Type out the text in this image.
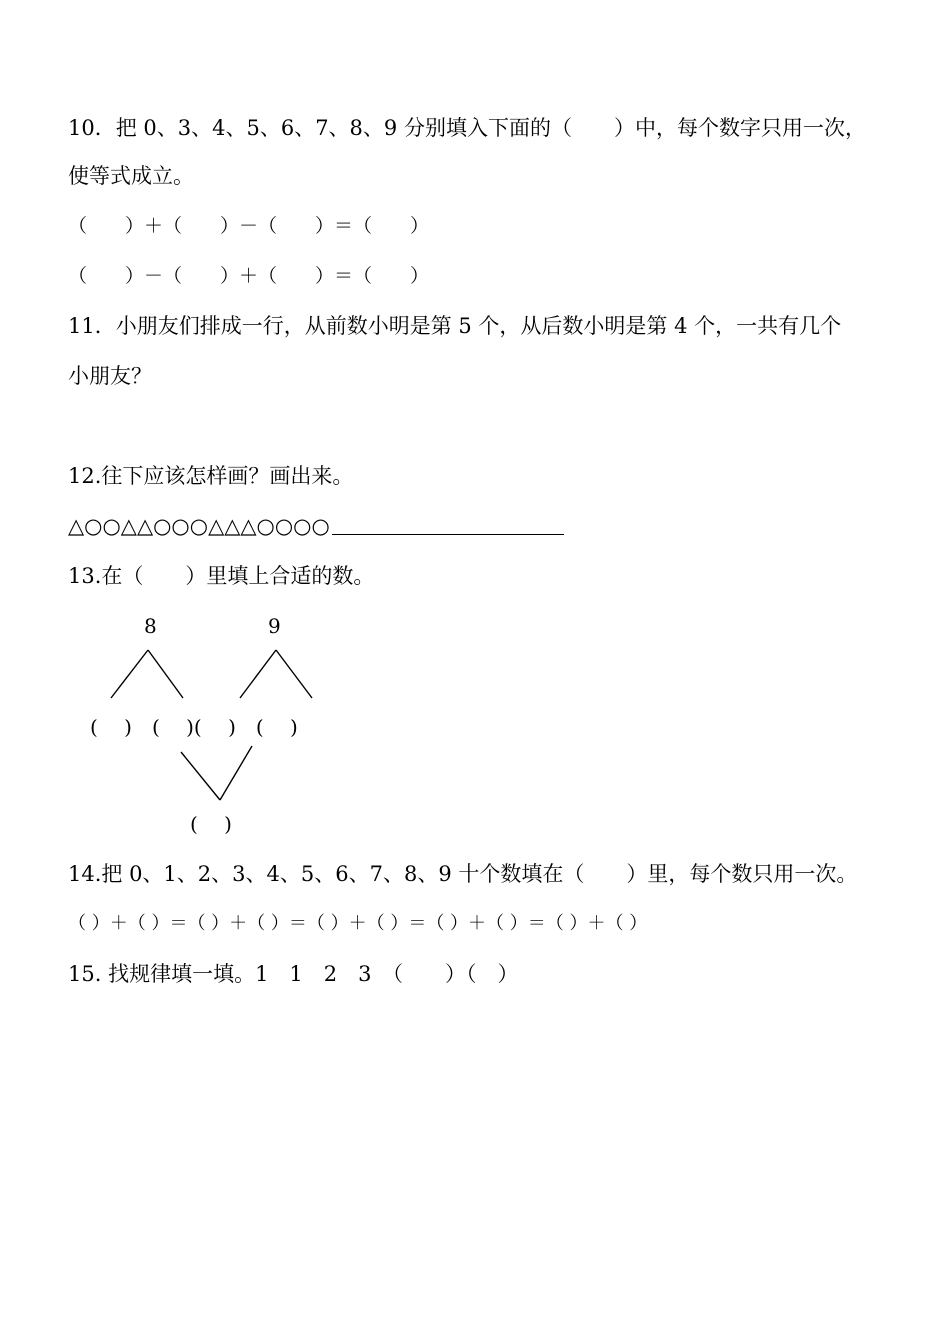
10．把 0、3、4、5、6、7、8、9 分别填入下面的（　　）中，每个数字只用一次，
使等式成立。
（　　）＋（　　）－（　　）＝（　　）
（　　）－（　　）＋（　　）＝（　　）
11．小朋友们排成一行，从前数小明是第 5 个，从后数小明是第 4 个，一共有几个
小朋友？
12.往下应该怎样画？画出来。
△○○△△○○○△△△○○○○
13.在（　　）里填上合适的数。
8	9
(　 )　(　 )(　 )　(　 )
(　 )
14.把 0、1、2、3、4、5、6、7、8、9 十个数填在（　　）里，每个数只用一次。
（ ）＋（ ）＝（ ）＋（ ）＝（ ）＋（ ）＝（ ）＋（ ）＝（ ）＋（ ）
15. 找规律填一填。1　1　2　3　（　　）（　）
